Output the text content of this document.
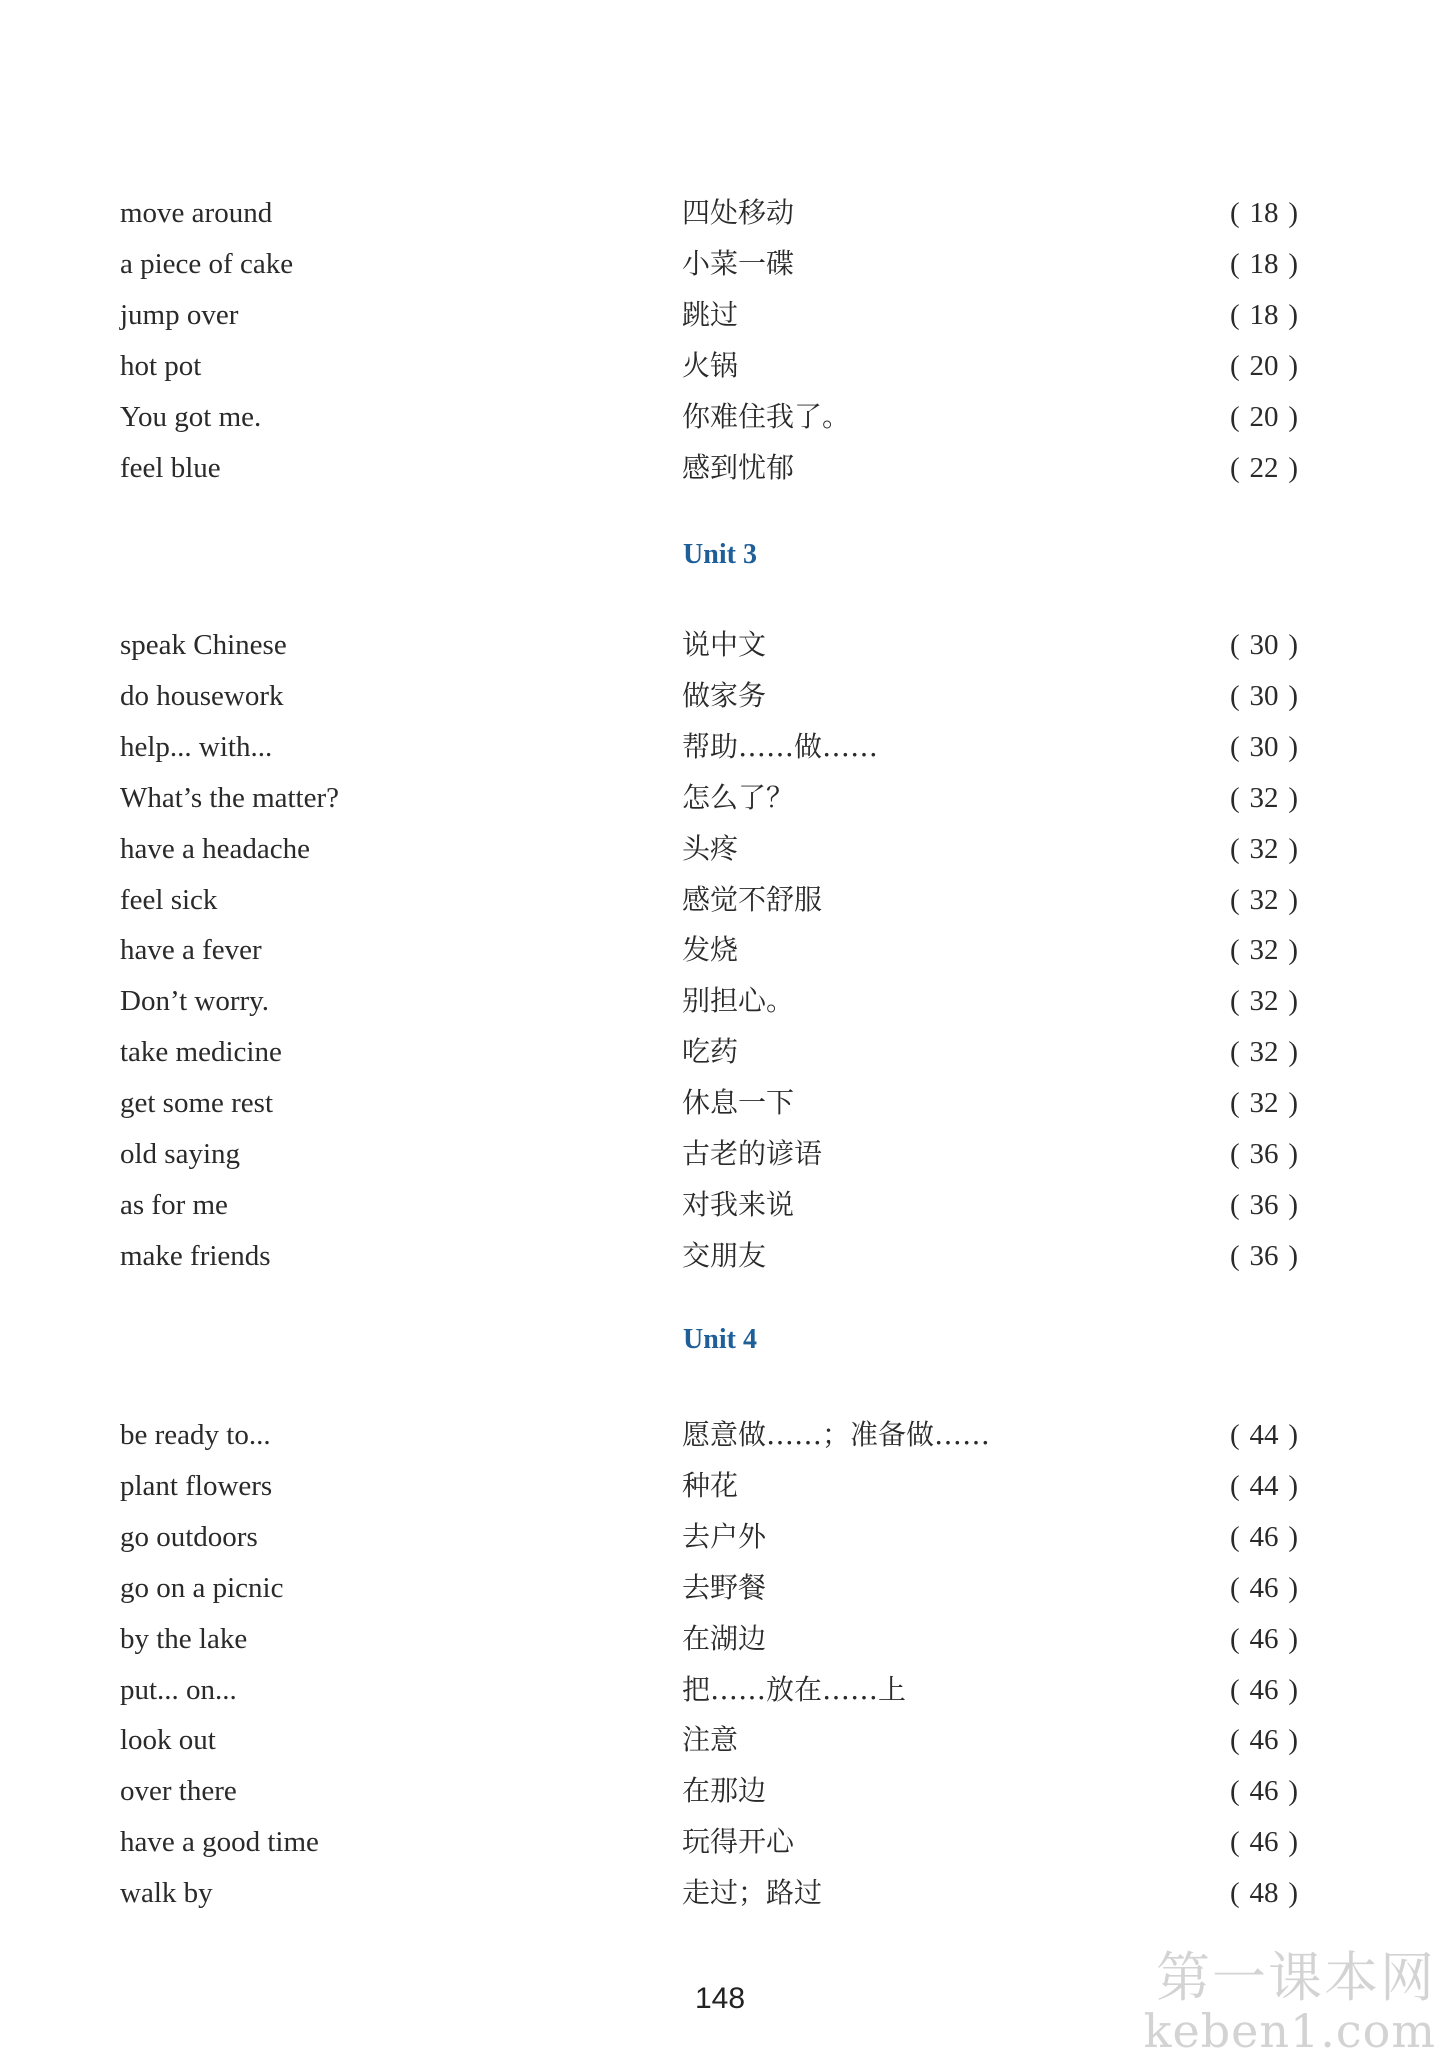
move around	四处移动	( 18 )
a piece of cake	小菜一碟	( 18 )
jump over	跳过	( 18 )
hot pot	火锅	( 20 )
You got me.	你难住我了。	( 20 )
feel blue	感到忧郁	( 22 )
Unit 3
speak Chinese	说中文	( 30 )
do housework	做家务	( 30 )
help... with...	帮助……做……	( 30 )
What’s the matter?	怎么了？	( 32 )
have a headache	头疼	( 32 )
feel sick	感觉不舒服	( 32 )
have a fever	发烧	( 32 )
Don’t worry.	别担心。	( 32 )
take medicine	吃药	( 32 )
get some rest	休息一下	( 32 )
old saying	古老的谚语	( 36 )
as for me	对我来说	( 36 )
make friends	交朋友	( 36 )
Unit 4
be ready to...	愿意做……；准备做……	( 44 )
plant flowers	种花	( 44 )
go outdoors	去户外	( 46 )
go on a picnic	去野餐	( 46 )
by the lake	在湖边	( 46 )
put... on...	把……放在……上	( 46 )
look out	注意	( 46 )
over there	在那边	( 46 )
have a good time	玩得开心	( 46 )
walk by	走过；路过	( 48 )
148	第一课本网
keben1.com
